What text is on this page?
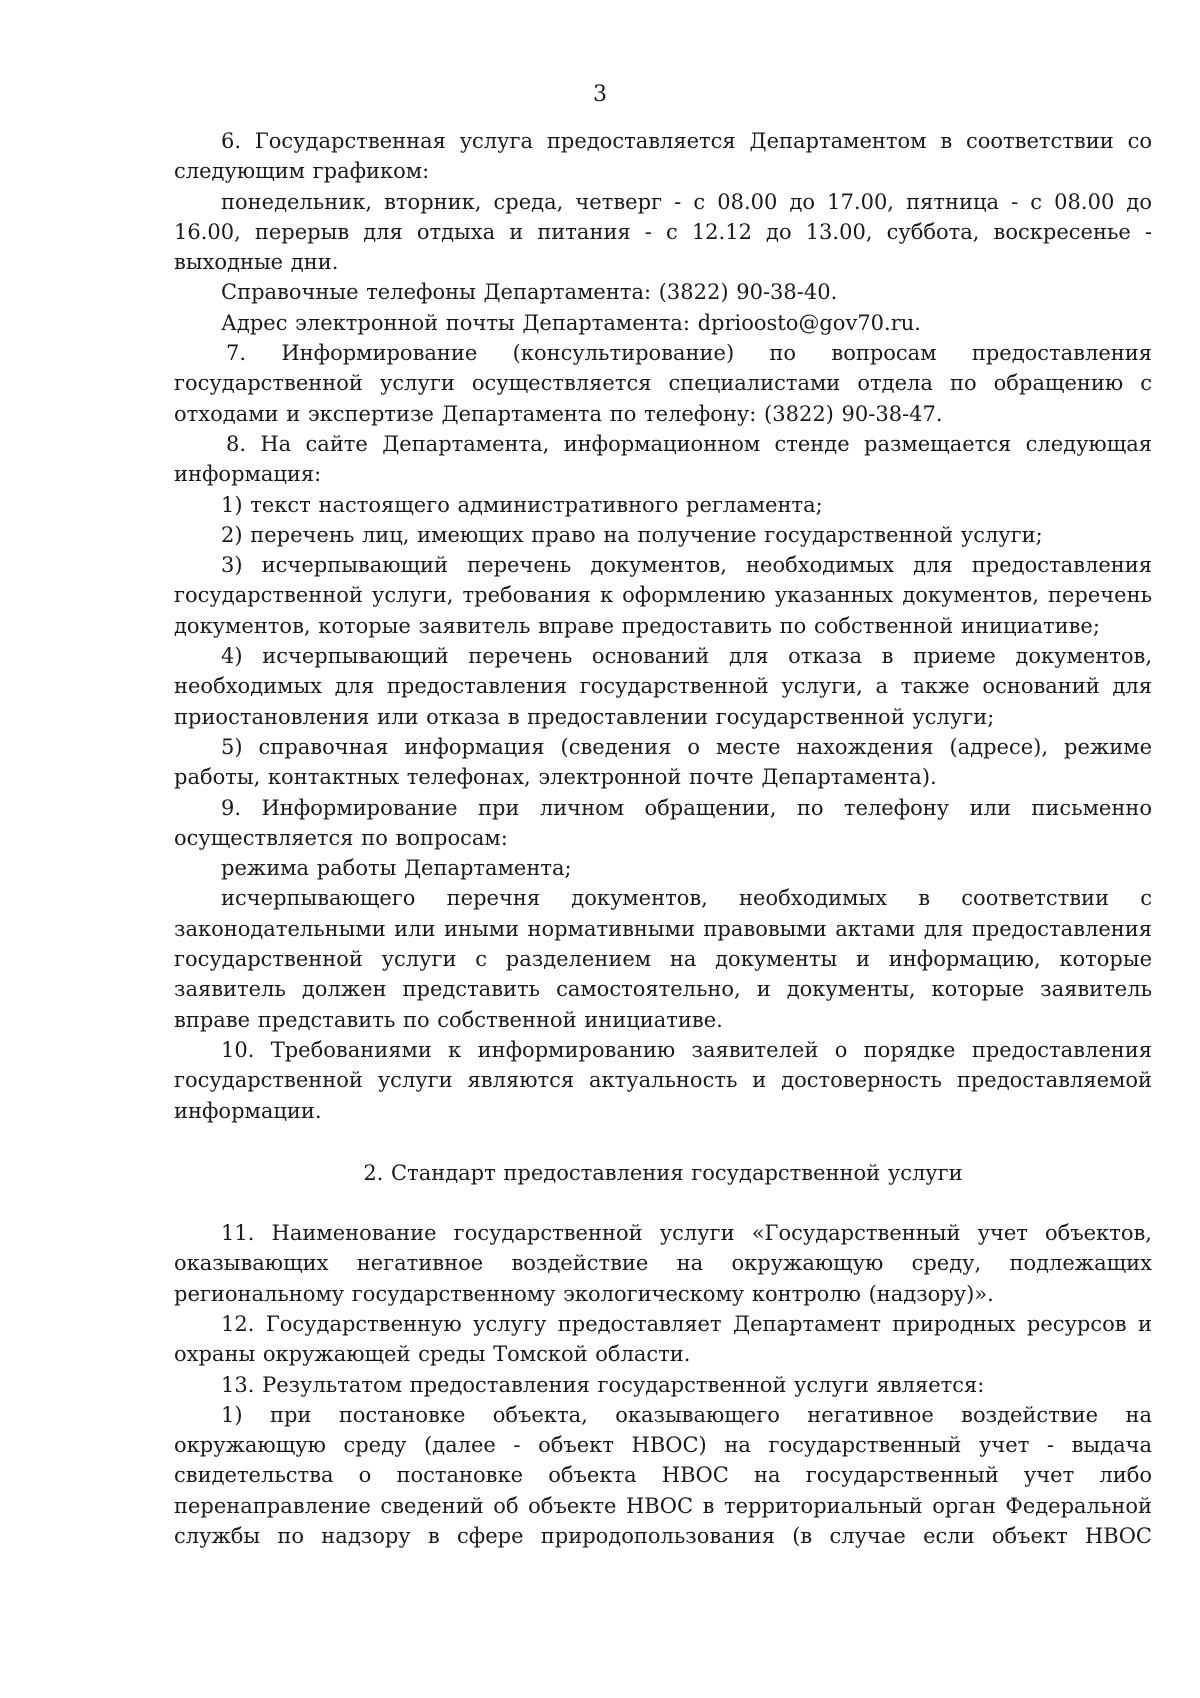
3

6. Государственная услуга предоставляется Департаментом в соответствии со следующим графиком:

понедельник, вторник, среда, четверг - с 08.00 до 17.00, пятница - с 08.00 до 16.00, перерыв для отдыха и питания - с 12.12 до 13.00, суббота, воскресенье - выходные дни.

Справочные телефоны Департамента: (3822) 90-38-40.

Адрес электронной почты Департамента: dpriоosto@gov70.ru.

7. Информирование (консультирование) по вопросам предоставления государственной услуги осуществляется специалистами отдела по обращению с отходами и экспертизе Департамента по телефону: (3822) 90-38-47.

8. На сайте Департамента, информационном стенде размещается следующая информация:

1) текст настоящего административного регламента;

2) перечень лиц, имеющих право на получение государственной услуги;

3) исчерпывающий перечень документов, необходимых для предоставления государственной услуги, требования к оформлению указанных документов, перечень документов, которые заявитель вправе предоставить по собственной инициативе;

4) исчерпывающий перечень оснований для отказа в приеме документов, необходимых для предоставления государственной услуги, а также оснований для приостановления или отказа в предоставлении государственной услуги;

5) справочная информация (сведения о месте нахождения (адресе), режиме работы, контактных телефонах, электронной почте Департамента).

9. Информирование при личном обращении, по телефону или письменно осуществляется по вопросам:

режима работы Департамента;

исчерпывающего перечня документов, необходимых в соответствии с законодательными или иными нормативными правовыми актами для предоставления государственной услуги с разделением на документы и информацию, которые заявитель должен представить самостоятельно, и документы, которые заявитель вправе представить по собственной инициативе.

10. Требованиями к информированию заявителей о порядке предоставления государственной услуги являются актуальность и достоверность предоставляемой информации.

2. Стандарт предоставления государственной услуги

11. Наименование государственной услуги «Государственный учет объектов, оказывающих негативное воздействие на окружающую среду, подлежащих региональному государственному экологическому контролю (надзору)».

12. Государственную услугу предоставляет Департамент природных ресурсов и охраны окружающей среды Томской области.

13. Результатом предоставления государственной услуги является:

1) при постановке объекта, оказывающего негативное воздействие на окружающую среду (далее - объект НВОС) на государственный учет - выдача свидетельства о постановке объекта НВОС на государственный учет либо перенаправление сведений об объекте НВОС в территориальный орган Федеральной службы по надзору в сфере природопользования (в случае если объект НВОС
